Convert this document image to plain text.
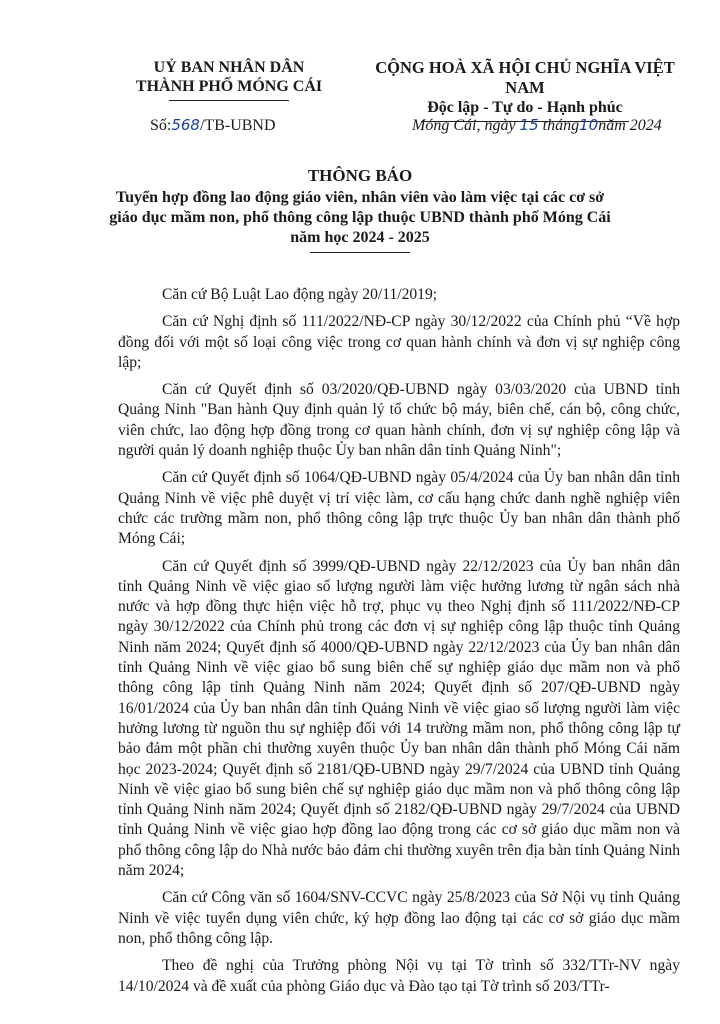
UỶ BAN NHÂN DÂN
THÀNH PHỐ MÓNG CÁI
CỘNG HOÀ XÃ HỘI CHỦ NGHĨA VIỆT NAM
Độc lập - Tự do - Hạnh phúc
Số:568/TB-UBND	Móng Cái, ngày 15 tháng10năm 2024
THÔNG BÁO
Tuyển hợp đồng lao động giáo viên, nhân viên vào làm việc tại các cơ sở giáo dục mầm non, phổ thông công lập thuộc UBND thành phố Móng Cái năm học 2024 - 2025

Căn cứ Bộ Luật Lao động ngày 20/11/2019;

Căn cứ Nghị định số 111/2022/NĐ-CP ngày 30/12/2022 của Chính phủ “Về hợp đồng đối với một số loại công việc trong cơ quan hành chính và đơn vị sự nghiệp công lập;

Căn cứ Quyết định số 03/2020/QĐ-UBND ngày 03/03/2020 của UBND tỉnh Quảng Ninh "Ban hành Quy định quản lý tổ chức bộ máy, biên chế, cán bộ, công chức, viên chức, lao động hợp đồng trong cơ quan hành chính, đơn vị sự nghiệp công lập và người quản lý doanh nghiệp thuộc Ủy ban nhân dân tỉnh Quảng Ninh";

Căn cứ Quyết định số 1064/QĐ-UBND ngày 05/4/2024 của Ủy ban nhân dân tỉnh Quảng Ninh về việc phê duyệt vị trí việc làm, cơ cấu hạng chức danh nghề nghiệp viên chức các trường mầm non, phổ thông công lập trực thuộc Ủy ban nhân dân thành phố Móng Cái;

Căn cứ Quyết định số 3999/QĐ-UBND ngày 22/12/2023 của Ủy ban nhân dân tỉnh Quảng Ninh về việc giao số lượng người làm việc hưởng lương từ ngân sách nhà nước và hợp đồng thực hiện việc hỗ trợ, phục vụ theo Nghị định số 111/2022/NĐ-CP ngày 30/12/2022 của Chính phủ trong các đơn vị sự nghiệp công lập thuộc tỉnh Quảng Ninh năm 2024; Quyết định số 4000/QĐ-UBND ngày 22/12/2023 của Ủy ban nhân dân tỉnh Quảng Ninh về việc giao bổ sung biên chế sự nghiệp giáo dục mầm non và phổ thông công lập tỉnh Quảng Ninh năm 2024; Quyết định số 207/QĐ-UBND ngày 16/01/2024 của Ủy ban nhân dân tỉnh Quảng Ninh về việc giao số lượng người làm việc hưởng lương từ nguồn thu sự nghiệp đối với 14 trường mầm non, phổ thông công lập tự bảo đảm một phần chi thường xuyên thuộc Ủy ban nhân dân thành phố Móng Cái năm học 2023-2024; Quyết định số 2181/QĐ-UBND ngày 29/7/2024 của UBND tỉnh Quảng Ninh về việc giao bổ sung biên chế sự nghiệp giáo dục mầm non và phổ thông công lập tỉnh Quảng Ninh năm 2024; Quyết định số 2182/QĐ-UBND ngày 29/7/2024 của UBND tỉnh Quảng Ninh về việc giao hợp đồng lao động trong các cơ sở giáo dục mầm non và phổ thông công lập do Nhà nước bảo đảm chi thường xuyên trên địa bàn tỉnh Quảng Ninh năm 2024;

Căn cứ Công văn số 1604/SNV-CCVC ngày 25/8/2023 của Sở Nội vụ tỉnh Quảng Ninh về việc tuyển dụng viên chức, ký hợp đồng lao động tại các cơ sở giáo dục mầm non, phổ thông công lập.

Theo đề nghị của Trưởng phòng Nội vụ tại Tờ trình số 332/TTr-NV ngày 14/10/2024 và đề xuất của phòng Giáo dục và Đào tạo tại Tờ trình số 203/TTr-
